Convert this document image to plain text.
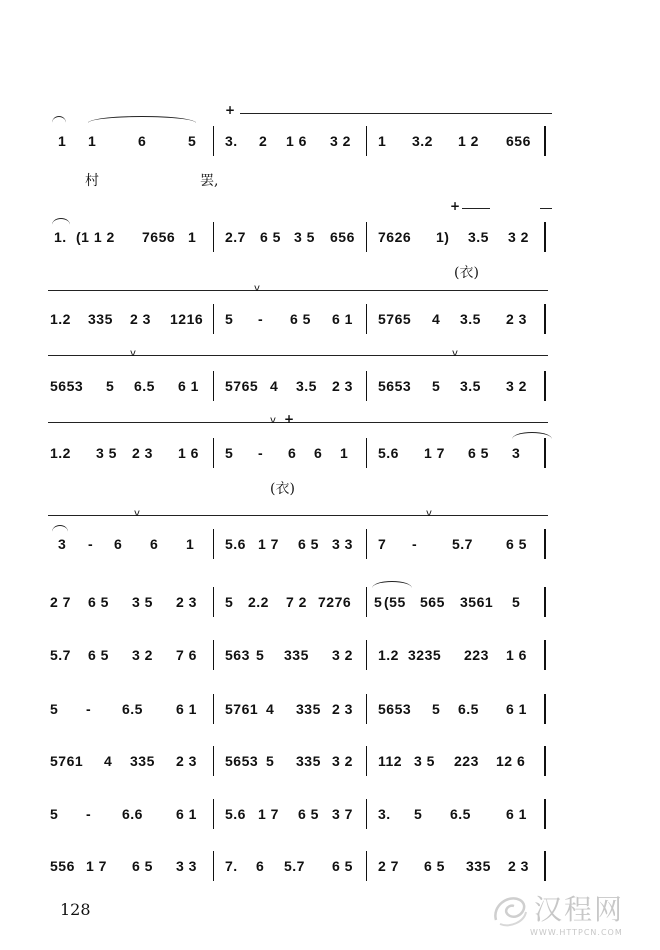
+
1 1	6	5 3. 2 1 6 3 2 1 3.2 1 2 656
村	罢,
+
1. (1 1 2 7656 1 2.7 6 5 3 5 656 7626 1) 3.5 3 2
(衣)
v
1.2 335 2 3 1216 5 - 6 5 6 1 5765 4 3.5 2 3
v	v
5653 5 6.5 6 1 5765 4 3.5 2 3 5653 5 3.5 3 2
v +
1.2 3 5 2 3 1 6 5 - 6 6 1 5.6 1 7 6 5 3
(衣)
v	v
3 - 6 6 1 5.6 1 7 6 5 3 3 7 - 5.7 6 5
2 7 6 5 3 5 2 3 5 2.2 7 2 7276 5 (55 565 3561 5
5.7 6 5 3 2 7 6 563 5 335 3 2 1.2 3235 223 1 6
5 - 6.5 6 1 5761 4 335 2 3 5653 5 6.5 6 1
5761 4 335 2 3 5653 5 335 3 2 112 3 5 223 12 6
5 - 6.6 6 1 5.6 1 7 6 5 3 7 3. 5 6.5	6 1
556 1 7 6 5 3 3 7. 6 5.7 6 5 2 7 6 5 335 2 3
128	汉程网
WWW.HTTPCN.COM
